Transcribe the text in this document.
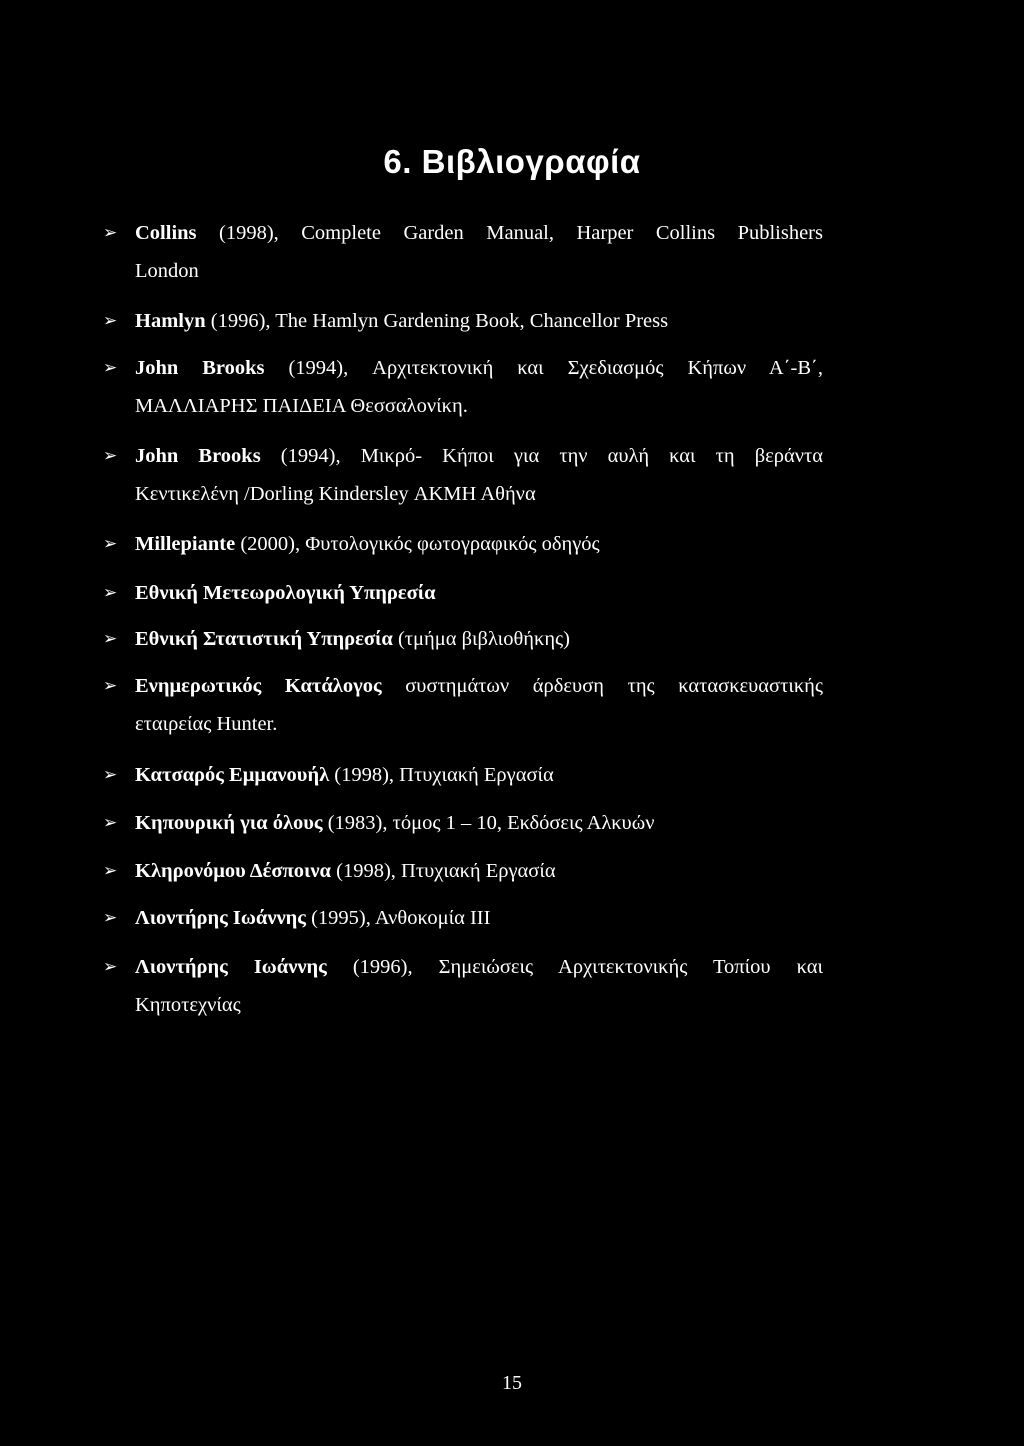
6. Βιβλιογραφία
➢ Collins (1998), Complete Garden Manual, Harper Collins Publishers
London
➢ Hamlyn (1996), The Hamlyn Gardening Book, Chancellor Press
➢ John Brooks (1994), Αρχιτεκτονική και Σχεδιασμός Κήπων Α΄-Β΄,
ΜΑΛΛΙΑΡΗΣ ΠΑΙΔΕΙΑ Θεσσαλονίκη.
➢ John Brooks (1994), Μικρό- Κήποι για την αυλή και τη βεράντα
Κεντικελένη /Dorling Kindersley ΑΚΜΗ Αθήνα
➢ Millepiante (2000), Φυτολογικός φωτογραφικός οδηγός
➢ Εθνική Μετεωρολογική Υπηρεσία
➢ Εθνική Στατιστική Υπηρεσία (τμήμα βιβλιοθήκης)
➢ Ενημερωτικός Κατάλογος συστημάτων άρδευση της κατασκευαστικής
εταιρείας Hunter.
➢ Κατσαρός Εμμανουήλ (1998), Πτυχιακή Εργασία
➢ Κηπουρική για όλους (1983), τόμος 1 – 10, Εκδόσεις Αλκυών
➢ Κληρονόμου Δέσποινα (1998), Πτυχιακή Εργασία
➢ Λιοντήρης Ιωάννης (1995), Ανθοκομία ΙΙΙ
➢ Λιοντήρης Ιωάννης (1996), Σημειώσεις Αρχιτεκτονικής Τοπίου και
Κηποτεχνίας

15
